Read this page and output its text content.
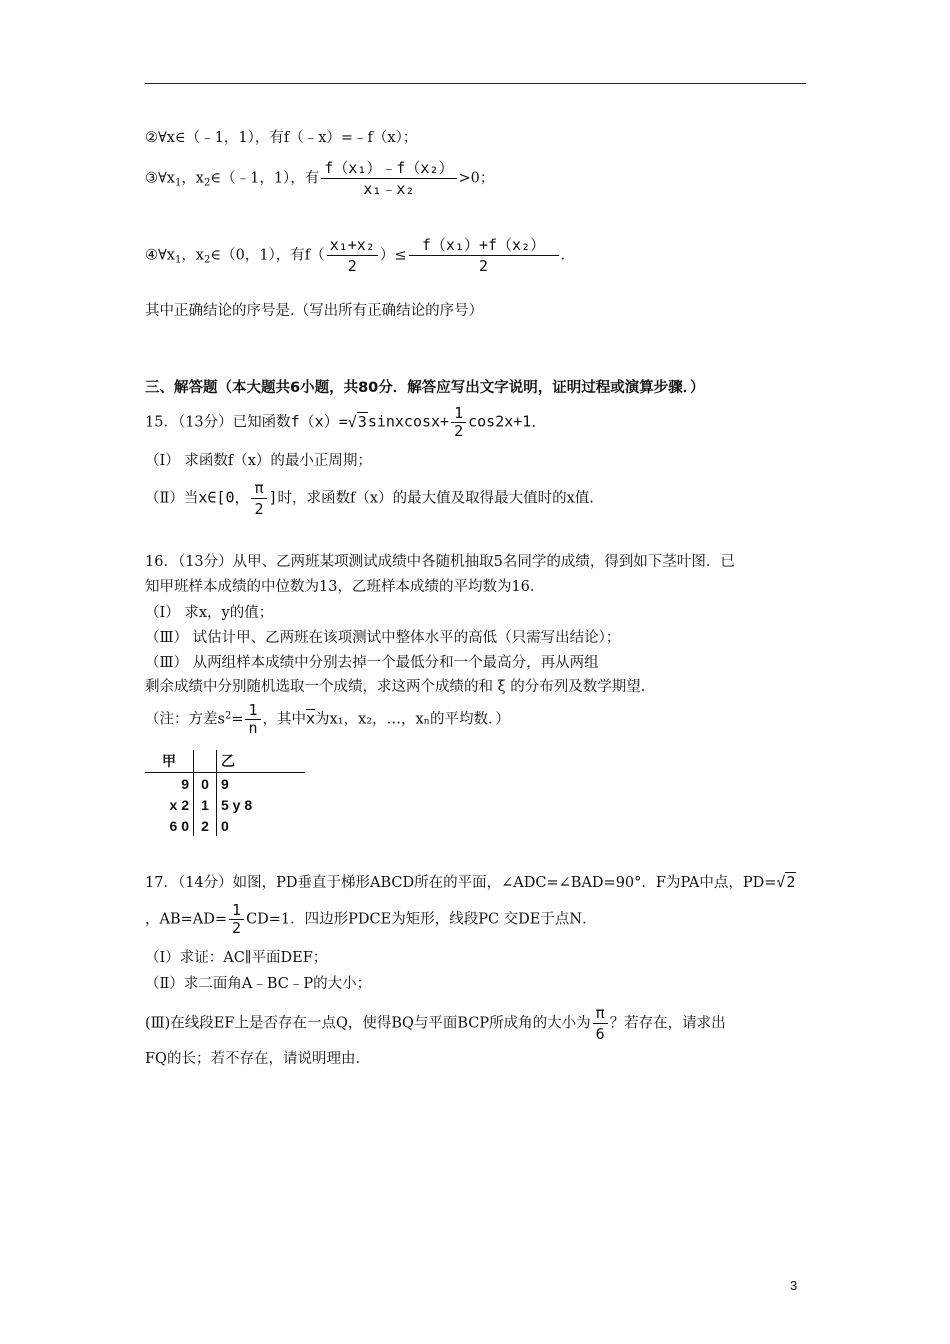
②∀x∈（﹣1，1），有f（﹣x）=﹣f（x）；
$③\forall x_1$，$x_2\in(﹣1$，1），有 $\frac{\text{f（x₁）﹣f（x₂）}}{\text{x₁﹣x₂}} >0$；
$④\forall x_1$，$x_2\in(0$，1），有$f( \frac{\text{x₁+x₂}}{2}$ ）≤ $\frac{\text{f（x₁）+f（x₂）}}{2}$ .
其中正确结论的序号是.（写出所有正确结论的序号）
三、解答题（本大题共6小题，共80分．解答应写出文字说明，证明过程或演算步骤．）
15．（13分）已知函数f（x）=√3sinxcosx+ $\frac{1}{2} \cos 2x+1$．
（Ⅰ） 求函数f（x）的最小正周期；
（Ⅱ）当x∈[0， $\frac{\pi}{2}$ ]时，求函数f（x）的最大值及取得最大值时的x值.
16．（13分）从甲、乙两班某项测试成绩中各随机抽取5名同学的成绩，得到如下茎叶图．已
知甲班样本成绩的中位数为13，乙班样本成绩的平均数为16．
（Ⅰ） 求x，y的值；
（Ⅲ） 试估计甲、乙两班在该项测试中整体水平的高低（只需写出结论）；
（Ⅲ） 从两组样本成绩中分别去掉一个最低分和一个最高分，再从两组
剩余成绩中分别随机选取一个成绩，求这两个成绩的和 ξ 的分布列及数学期望.
（注：方差$s^2= \frac{1}{n}$ ，其中$\overline{x}$为x₁，x₂，…，xₙ的平均数．）
甲		乙
9	0	9
x 2	1	5 y 8
6 0	2	0
17．（14分）如图，PD垂直于梯形ABCD所在的平面，∠ADC=∠BAD=90°．F为PA中点，PD=√2
，$AB=AD= \frac{1}{2} CD=1$．四边形PDCE为矩形，线段PC 交DE于点N．
（Ⅰ）求证：AC∥平面DEF；
（Ⅱ）求二面角A﹣BC﹣P的大小；
(Ⅲ)在线段EF上是否存在一点Q，使得BQ与平面BCP所成角的大小为 $\frac{\pi}{6}$ ？若存在，请求出
FQ的长；若不存在，请说明理由．
3
